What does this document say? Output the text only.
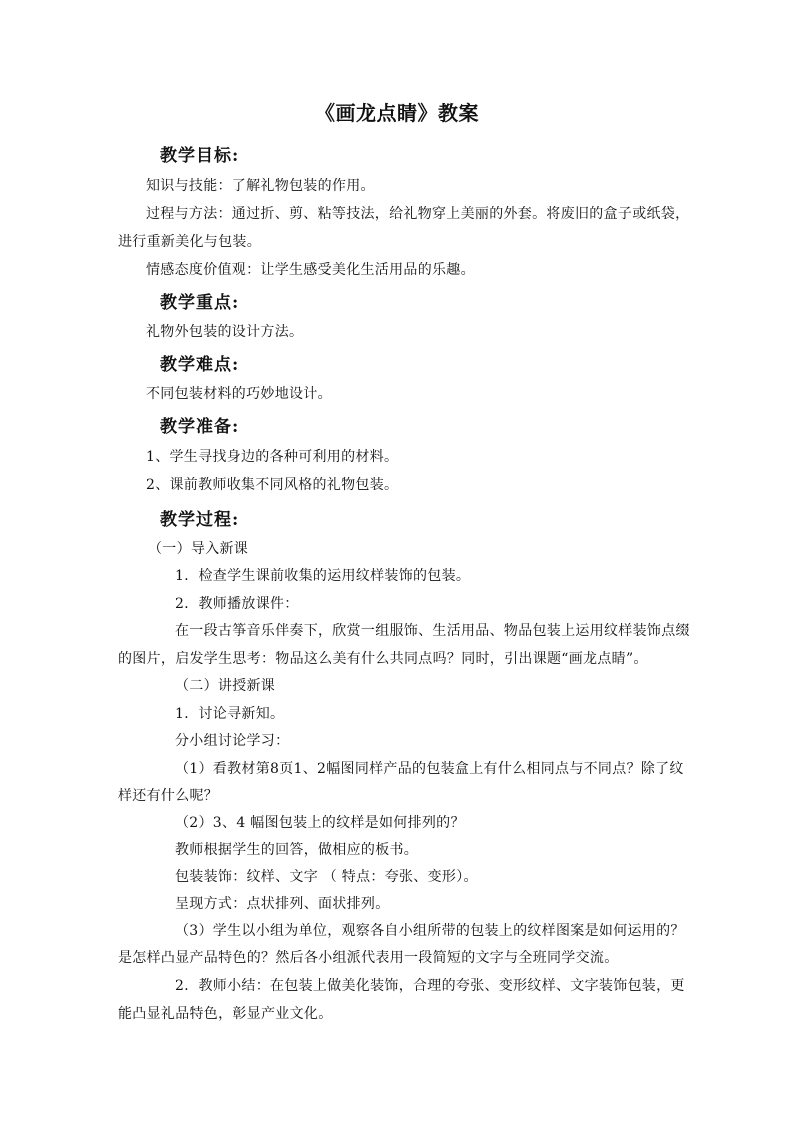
《画龙点睛》教案
教学目标:
知识与技能：了解礼物包装的作用。
过程与方法：通过折、剪、粘等技法，给礼物穿上美丽的外套。将废旧的盒子或纸袋，
进行重新美化与包装。
情感态度价值观：让学生感受美化生活用品的乐趣。
教学重点:
礼物外包装的设计方法。
教学难点:
不同包装材料的巧妙地设计。
教学准备:
1、学生寻找身边的各种可利用的材料。
2、课前教师收集不同风格的礼物包装。
教学过程:
（一）导入新课
1．检查学生课前收集的运用纹样装饰的包装。
2．教师播放课件：
在一段古筝音乐伴奏下，欣赏一组服饰、生活用品、物品包装上运用纹样装饰点缀
的图片，启发学生思考：物品这么美有什么共同点吗？同时，引出课题“画龙点睛”。
（二）讲授新课
1．讨论寻新知。
分小组讨论学习：
（1）看教材第8页1、2幅图同样产品的包装盒上有什么相同点与不同点？除了纹
样还有什么呢？
（2）3、4 幅图包装上的纹样是如何排列的？
教师根据学生的回答，做相应的板书。
包装装饰：纹样、文字 （ 特点：夸张、变形）。
呈现方式：点状排列、面状排列。
（3）学生以小组为单位，观察各自小组所带的包装上的纹样图案是如何运用的？
是怎样凸显产品特色的？然后各小组派代表用一段简短的文字与全班同学交流。
2．教师小结：在包装上做美化装饰，合理的夸张、变形纹样、文字装饰包装，更
能凸显礼品特色，彰显产业文化。
